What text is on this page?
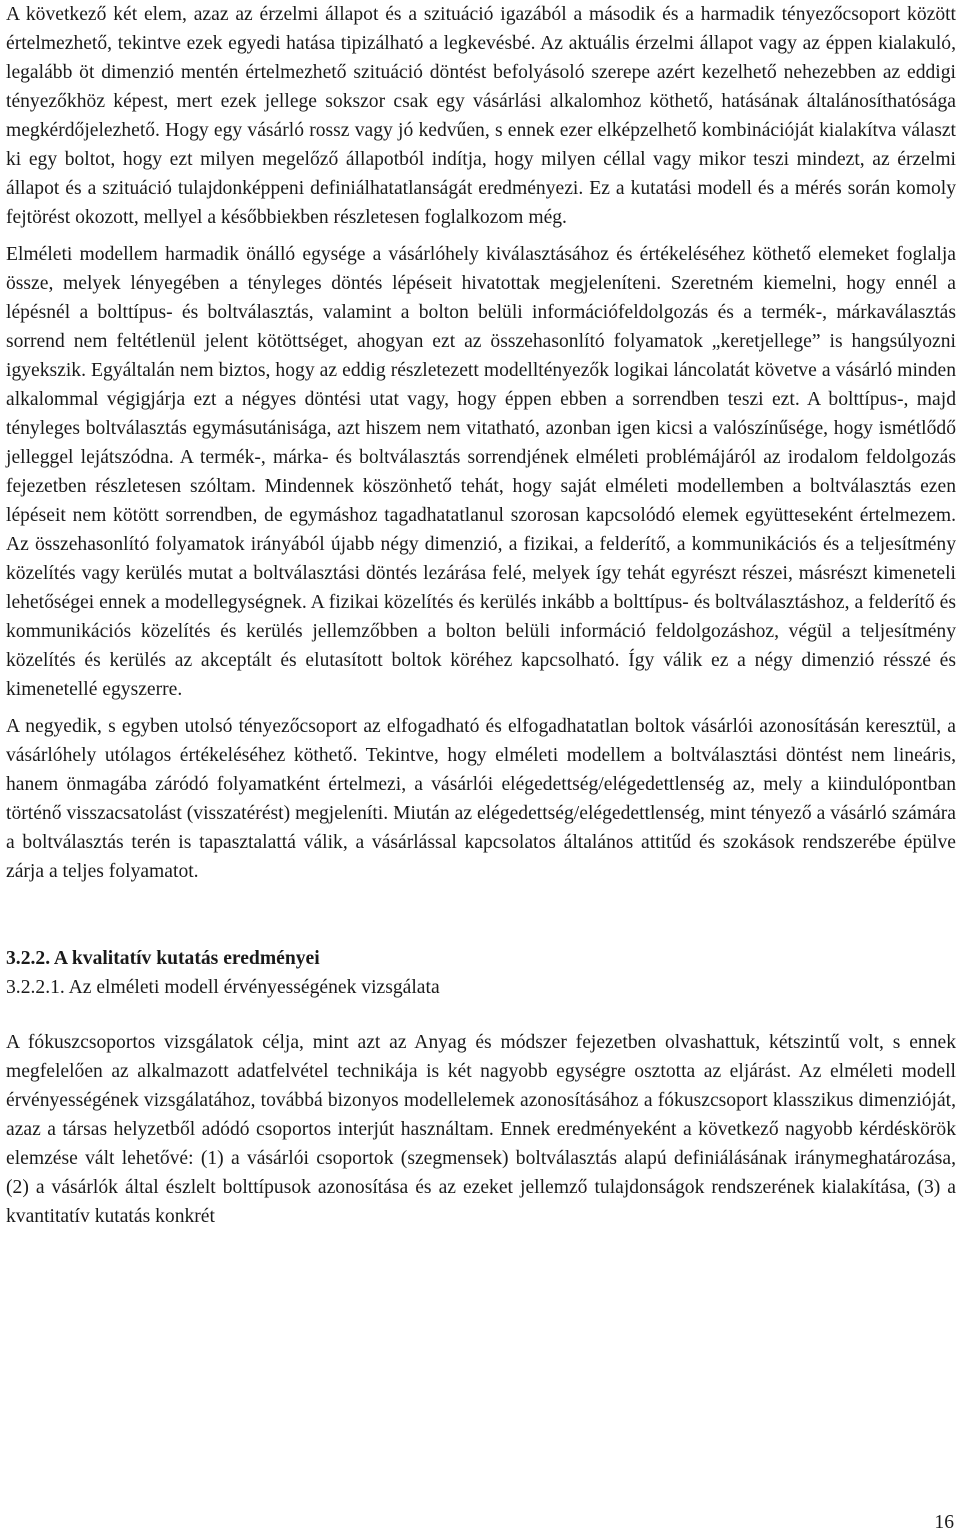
A következő két elem, azaz az érzelmi állapot és a szituáció igazából a második és a harmadik tényezőcsoport között értelmezhető, tekintve ezek egyedi hatása tipizálható a legkevésbé. Az aktuális érzelmi állapot vagy az éppen kialakuló, legalább öt dimenzió mentén értelmezhető szituáció döntést befolyásoló szerepe azért kezelhető nehezebben az eddigi tényezőkhöz képest, mert ezek jellege sokszor csak egy vásárlási alkalomhoz köthető, hatásának általánosíthatósága megkérdőjelezhető. Hogy egy vásárló rossz vagy jó kedvűen, s ennek ezer elképzelhető kombinációját kialakítva választ ki egy boltot, hogy ezt milyen megelőző állapotból indítja, hogy milyen céllal vagy mikor teszi mindezt, az érzelmi állapot és a szituáció tulajdonképpeni definiálhatatlanságát eredményezi. Ez a kutatási modell és a mérés során komoly fejtörést okozott, mellyel a későbbiekben részletesen foglalkozom még.

Elméleti modellem harmadik önálló egysége a vásárlóhely kiválasztásához és értékeléséhez köthető elemeket foglalja össze, melyek lényegében a tényleges döntés lépéseit hivatottak megjeleníteni. Szeretném kiemelni, hogy ennél a lépésnél a bolttípus- és boltválasztás, valamint a bolton belüli információfeldolgozás és a termék-, márkaválasztás sorrend nem feltétlenül jelent kötöttséget, ahogyan ezt az összehasonlító folyamatok „keretjellege” is hangsúlyozni igyekszik. Egyáltalán nem biztos, hogy az eddig részletezett modelltényezők logikai láncolatát követve a vásárló minden alkalommal végigjárja ezt a négyes döntési utat vagy, hogy éppen ebben a sorrendben teszi ezt. A bolttípus-, majd tényleges boltválasztás egymásutánisága, azt hiszem nem vitatható, azonban igen kicsi a valószínűsége, hogy ismétlődő jelleggel lejátszódna. A termék-, márka- és boltválasztás sorrendjének elméleti problémájáról az irodalom feldolgozás fejezetben részletesen szóltam. Mindennek köszönhető tehát, hogy saját elméleti modellemben a boltválasztás ezen lépéseit nem kötött sorrendben, de egymáshoz tagadhatatlanul szorosan kapcsolódó elemek együtteseként értelmezem. Az összehasonlító folyamatok irányából újabb négy dimenzió, a fizikai, a felderítő, a kommunikációs és a teljesítmény közelítés vagy kerülés mutat a boltválasztási döntés lezárása felé, melyek így tehát egyrészt részei, másrészt kimeneteli lehetőségei ennek a modellegységnek. A fizikai közelítés és kerülés inkább a bolttípus- és boltválasztáshoz, a felderítő és kommunikációs közelítés és kerülés jellemzőbben a bolton belüli információ feldolgozáshoz, végül a teljesítmény közelítés és kerülés az akceptált és elutasított boltok köréhez kapcsolható. Így válik ez a négy dimenzió résszé és kimenetellé egyszerre.

A negyedik, s egyben utolsó tényezőcsoport az elfogadható és elfogadhatatlan boltok vásárlói azonosításán keresztül, a vásárlóhely utólagos értékeléséhez köthető. Tekintve, hogy elméleti modellem a boltválasztási döntést nem lineáris, hanem önmagába záródó folyamatként értelmezi, a vásárlói elégedettség/elégedettlenség az, mely a kiindulópontban történő visszacsatolást (visszatérést) megjeleníti. Miután az elégedettség/elégedettlenség, mint tényező a vásárló számára a boltválasztás terén is tapasztalattá válik, a vásárlással kapcsolatos általános attitűd és szokások rendszerébe épülve zárja a teljes folyamatot.

3.2.2. A kvalitatív kutatás eredményei

3.2.2.1. Az elméleti modell érvényességének vizsgálata

A fókuszcsoportos vizsgálatok célja, mint azt az Anyag és módszer fejezetben olvashattuk, kétszintű volt, s ennek megfelelően az alkalmazott adatfelvétel technikája is két nagyobb egységre osztotta az eljárást. Az elméleti modell érvényességének vizsgálatához, továbbá bizonyos modellelemek azonosításához a fókuszcsoport klasszikus dimenzióját, azaz a társas helyzetből adódó csoportos interjút használtam. Ennek eredményeként a következő nagyobb kérdéskörök elemzése vált lehetővé: (1) a vásárlói csoportok (szegmensek) boltválasztás alapú definiálásának iránymeghatározása, (2) a vásárlók által észlelt bolttípusok azonosítása és az ezeket jellemző tulajdonságok rendszerének kialakítása, (3) a kvantitatív kutatás konkrét

16
